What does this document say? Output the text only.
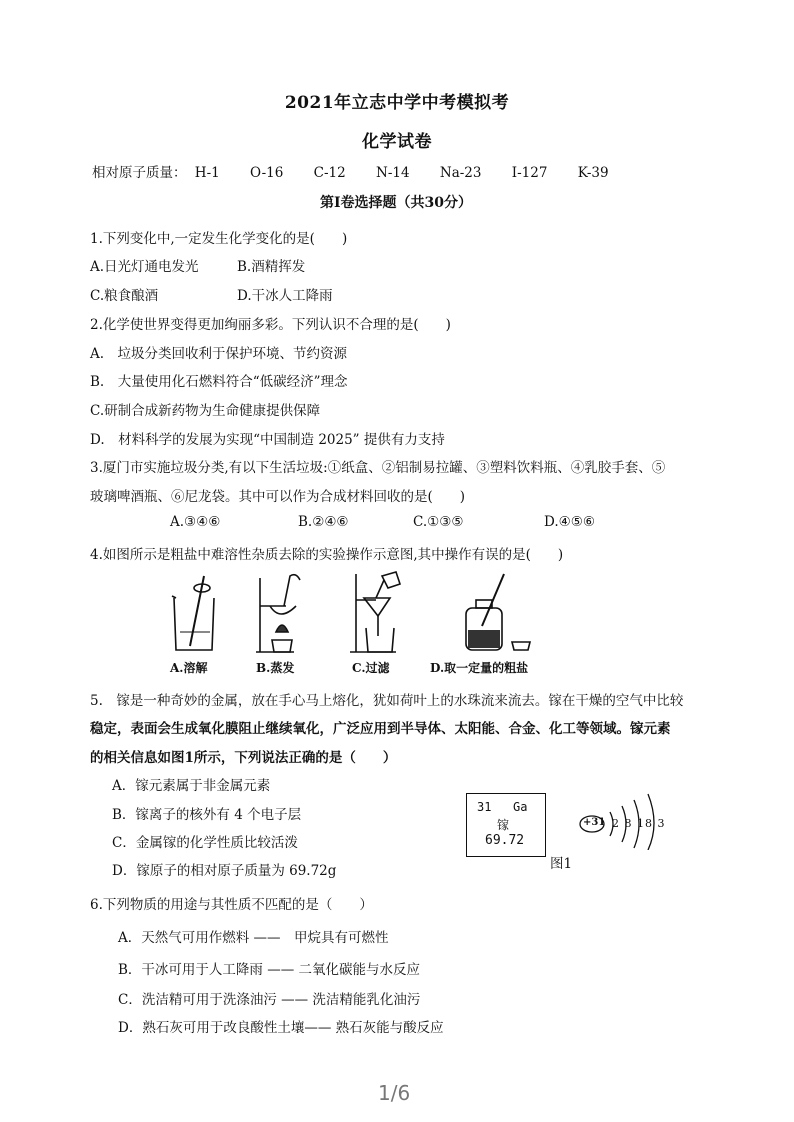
2021年立志中学中考模拟考
化学试卷
相对原子质量： H-1 O-16 C-12 N-14 Na-23 I-127 K-39
第Ⅰ卷选择题（共30分）
1.下列变化中,一定发生化学变化的是(　　)
A.日光灯通电发光	B.酒精挥发
C.粮食酿酒	D.干冰人工降雨
2.化学使世界变得更加绚丽多彩。下列认识不合理的是(　　)
A.　垃圾分类回收利于保护环境、节约资源
B.　大量使用化石燃料符合“低碳经济”理念
C.研制合成新药物为生命健康提供保障
D.　材料科学的发展为实现“中国制造 2025” 提供有力支持
3.厦门市实施垃圾分类,有以下生活垃圾:①纸盒、②铝制易拉罐、③塑料饮料瓶、④乳胶手套、⑤
玻璃啤酒瓶、⑥尼龙袋。其中可以作为合成材料回收的是(　　)
A.③④⑥	B.②④⑥	C.①③⑤	D.④⑤⑥
4.如图所示是粗盐中难溶性杂质去除的实验操作示意图,其中操作有误的是(　　)
A.溶解	B.蒸发	C.过滤	D.取一定量的粗盐
5.　镓是一种奇妙的金属，放在手心马上熔化，犹如荷叶上的水珠流来流去。镓在干燥的空气中比较
稳定，表面会生成氧化膜阻止继续氧化，广泛应用到半导体、太阳能、合金、化工等领域。镓元素
的相关信息如图1所示，下列说法正确的是（　　）
A．镓元素属于非金属元素
B．镓离子的核外有 4 个电子层
C．金属镓的化学性质比较活泼
D．镓原子的相对原子质量为 69.72g
31 Ga
镓
69.72
+31 2 8 18 3
图1
6.下列物质的用途与其性质不匹配的是（　　）
A．天然气可用作燃料 ——　甲烷具有可燃性
B．干冰可用于人工降雨 —— 二氧化碳能与水反应
C．洗洁精可用于洗涤油污 —— 洗洁精能乳化油污
D．熟石灰可用于改良酸性土壤—— 熟石灰能与酸反应
1/6
